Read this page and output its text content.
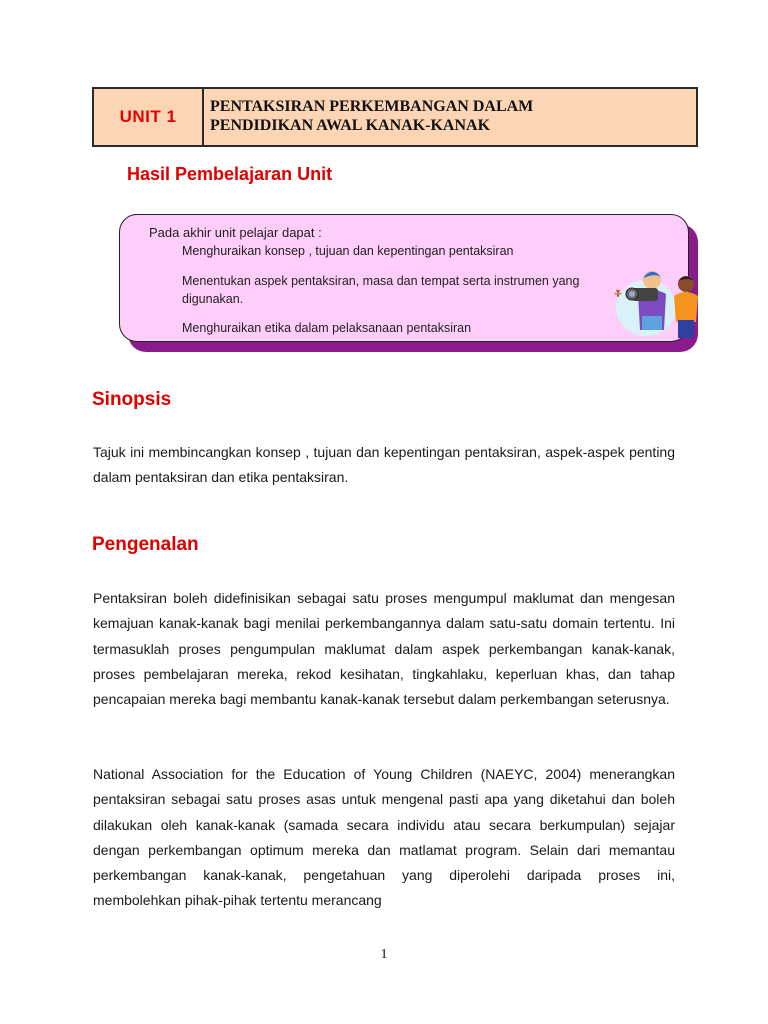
UNIT 1
PENTAKSIRAN PERKEMBANGAN DALAM
PENDIDIKAN AWAL KANAK-KANAK
Hasil Pembelajaran Unit
Pada akhir unit pelajar dapat :
Menghuraikan konsep , tujuan dan kepentingan pentaksiran
Menentukan aspek pentaksiran, masa dan tempat serta instrumen yang digunakan.
Menghuraikan etika dalam pelaksanaan pentaksiran
Sinopsis
Tajuk ini membincangkan konsep , tujuan dan kepentingan pentaksiran, aspek-aspek penting dalam pentaksiran dan etika pentaksiran.
Pengenalan
Pentaksiran boleh didefinisikan sebagai satu proses mengumpul maklumat dan mengesan kemajuan kanak-kanak bagi menilai perkembangannya dalam satu-satu domain tertentu. Ini termasuklah proses pengumpulan maklumat dalam aspek perkembangan kanak-kanak, proses pembelajaran mereka, rekod kesihatan, tingkahlaku, keperluan khas, dan tahap pencapaian mereka bagi membantu kanak-kanak tersebut dalam perkembangan seterusnya.
National Association for the Education of Young Children (NAEYC, 2004) menerangkan pentaksiran sebagai satu proses asas untuk mengenal pasti apa yang diketahui dan boleh dilakukan oleh kanak-kanak (samada secara individu atau secara berkumpulan) sejajar dengan perkembangan optimum mereka dan matlamat program. Selain dari memantau perkembangan kanak-kanak, pengetahuan yang diperolehi daripada proses ini, membolehkan pihak-pihak tertentu merancang
1
